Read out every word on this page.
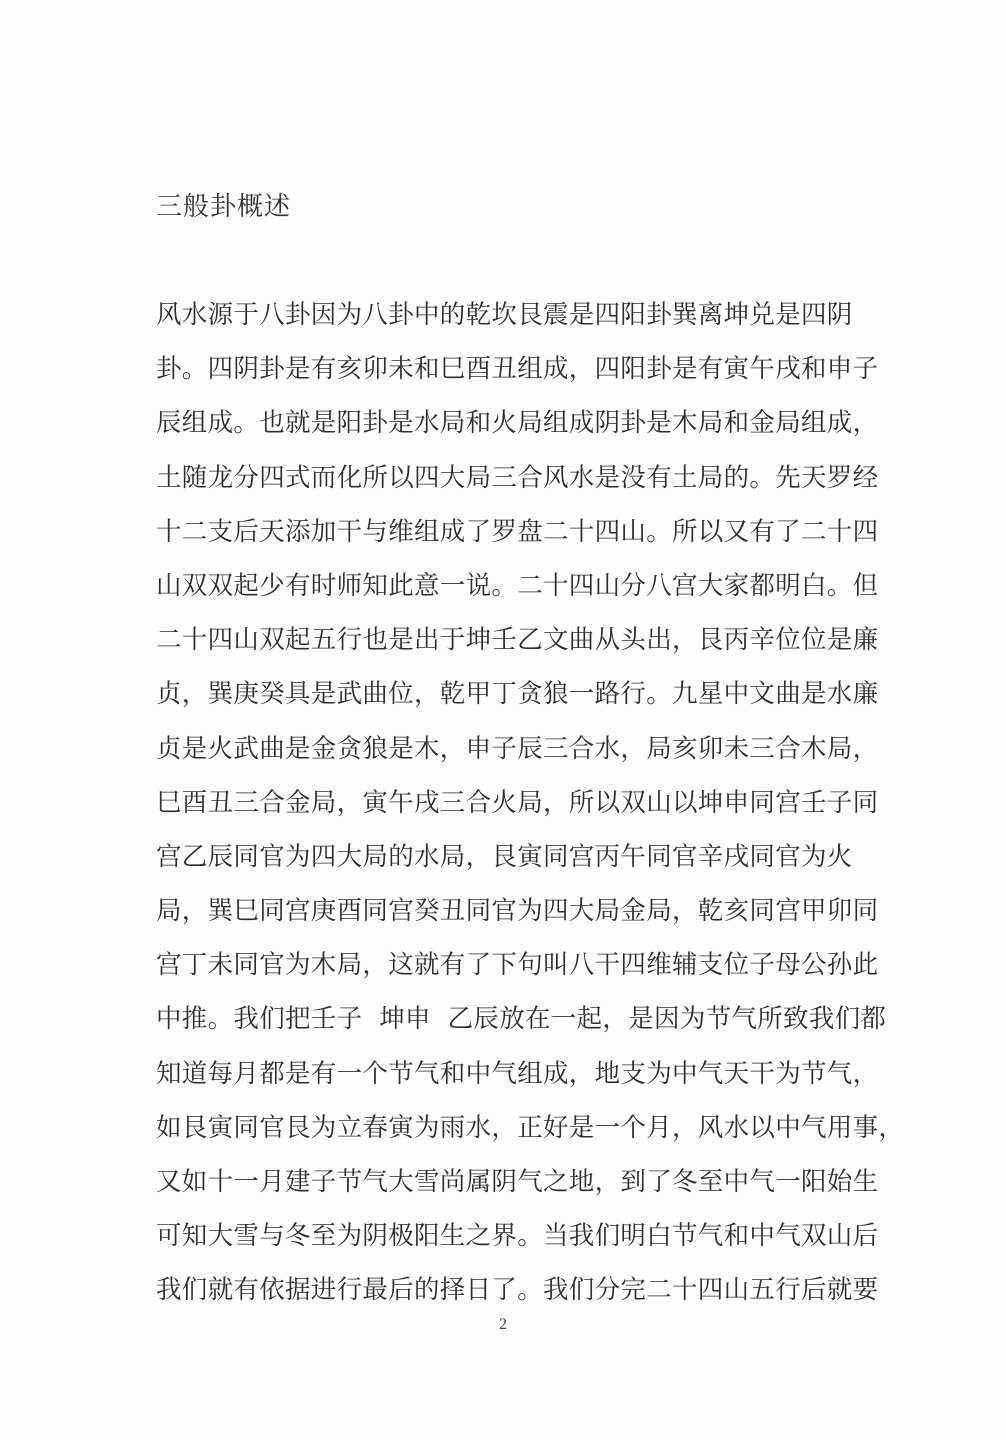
三般卦概述
风水源于八卦因为八卦中的乾坎艮震是四阳卦巽离坤兑是四阴
卦。四阴卦是有亥卯未和巳酉丑组成，四阳卦是有寅午戌和申子
辰组成。也就是阳卦是水局和火局组成阴卦是木局和金局组成，
土随龙分四式而化所以四大局三合风水是没有土局的。先天罗经
十二支后天添加干与维组成了罗盘二十四山。所以又有了二十四
山双双起少有时师知此意一说。二十四山分八宫大家都明白。但
二十四山双起五行也是出于坤壬乙文曲从头出，艮丙辛位位是廉
贞，巽庚癸具是武曲位，乾甲丁贪狼一路行。九星中文曲是水廉
贞是火武曲是金贪狼是木，申子辰三合水，局亥卯未三合木局，
巳酉丑三合金局，寅午戌三合火局，所以双山以坤申同宫壬子同
宫乙辰同官为四大局的水局，艮寅同宫丙午同官辛戌同官为火
局，巽巳同宫庚酉同宫癸丑同官为四大局金局，乾亥同宫甲卯同
宫丁未同官为木局，这就有了下句叫八干四维辅支位子母公孙此
中推。我们把壬子  坤申  乙辰放在一起，是因为节气所致我们都
知道每月都是有一个节气和中气组成，地支为中气天干为节气，
如艮寅同官艮为立春寅为雨水，正好是一个月，风水以中气用事，
又如十一月建子节气大雪尚属阴气之地，到了冬至中气一阳始生
可知大雪与冬至为阴极阳生之界。当我们明白节气和中气双山后
我们就有依据进行最后的择日了。我们分完二十四山五行后就要
2
